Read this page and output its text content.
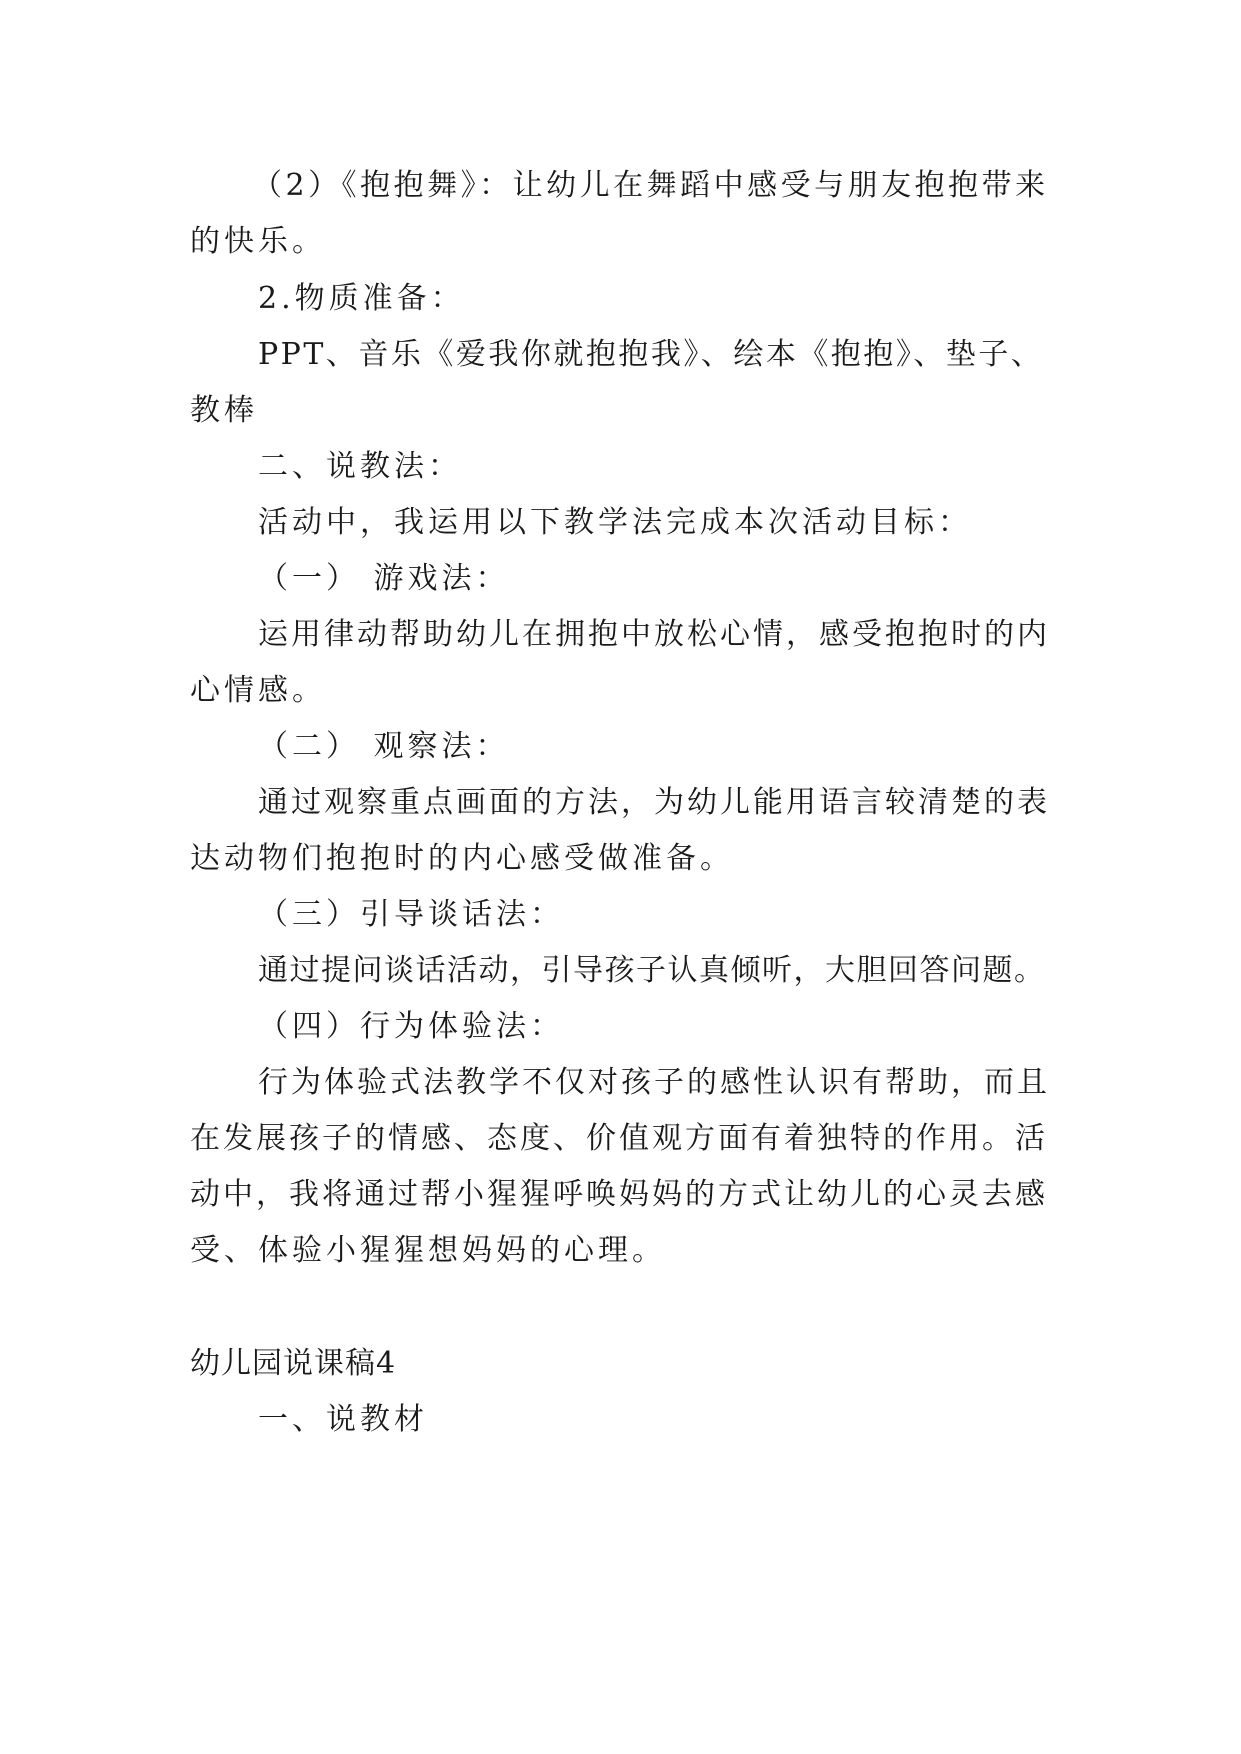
（2）《抱抱舞》：让幼儿在舞蹈中感受与朋友抱抱带来
的快乐。
2.物质准备：
PPT、音乐《爱我你就抱抱我》、绘本《抱抱》、垫子、
教棒
二、说教法：
活动中，我运用以下教学法完成本次活动目标：
（一） 游戏法：
运用律动帮助幼儿在拥抱中放松心情，感受抱抱时的内
心情感。
（二） 观察法：
通过观察重点画面的方法，为幼儿能用语言较清楚的表
达动物们抱抱时的内心感受做准备。
（三）引导谈话法：
通过提问谈话活动，引导孩子认真倾听，大胆回答问题。
（四）行为体验法：
行为体验式法教学不仅对孩子的感性认识有帮助，而且
在发展孩子的情感、态度、价值观方面有着独特的作用。活
动中，我将通过帮小猩猩呼唤妈妈的方式让幼儿的心灵去感
受、体验小猩猩想妈妈的心理。
幼儿园说课稿4
一、说教材
